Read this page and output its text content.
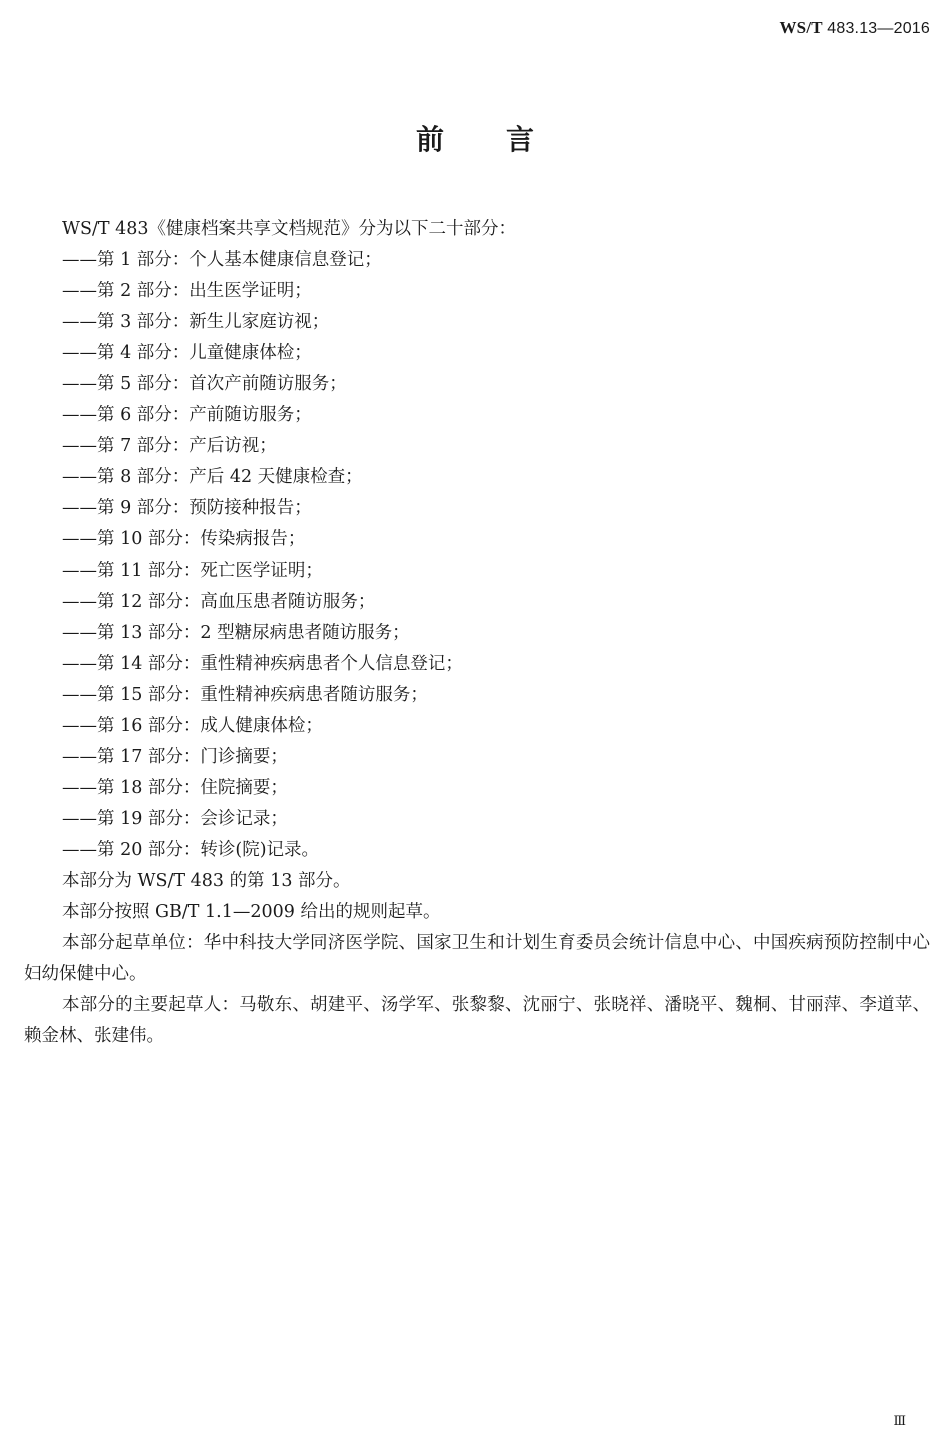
WS/T 483.13—2016
前言
WS/T 483《健康档案共享文档规范》分为以下二十部分：
——第 1 部分：个人基本健康信息登记；
——第 2 部分：出生医学证明；
——第 3 部分：新生儿家庭访视；
——第 4 部分：儿童健康体检；
——第 5 部分：首次产前随访服务；
——第 6 部分：产前随访服务；
——第 7 部分：产后访视；
——第 8 部分：产后 42 天健康检查；
——第 9 部分：预防接种报告；
——第 10 部分：传染病报告；
——第 11 部分：死亡医学证明；
——第 12 部分：高血压患者随访服务；
——第 13 部分：2 型糖尿病患者随访服务；
——第 14 部分：重性精神疾病患者个人信息登记；
——第 15 部分：重性精神疾病患者随访服务；
——第 16 部分：成人健康体检；
——第 17 部分：门诊摘要；
——第 18 部分：住院摘要；
——第 19 部分：会诊记录；
——第 20 部分：转诊(院)记录。
本部分为 WS/T 483 的第 13 部分。
本部分按照 GB/T 1.1—2009 给出的规则起草。
本部分起草单位：华中科技大学同济医学院、国家卫生和计划生育委员会统计信息中心、中国疾病预防控制中心妇幼保健中心。
本部分的主要起草人：马敬东、胡建平、汤学军、张黎黎、沈丽宁、张晓祥、潘晓平、魏桐、甘丽萍、李道苹、赖金林、张建伟。
Ⅲ
